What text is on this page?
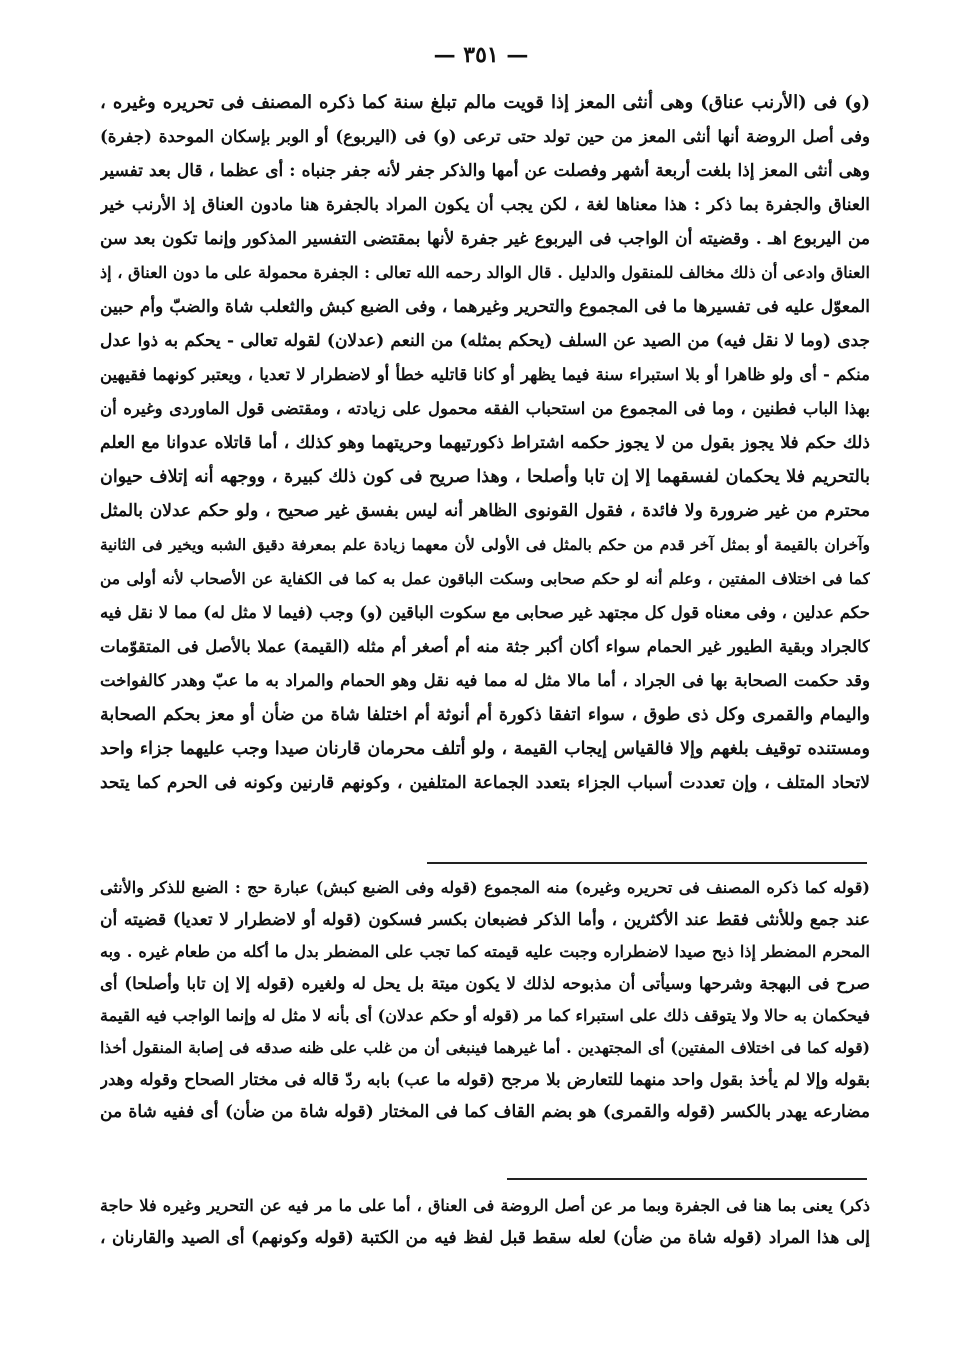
— ٣٥١ —
(و) فى (الأرنب عناق) وهى أنثى المعز إذا قويت مالم تبلغ سنة كما ذكره المصنف فى تحريره وغيره ،
وفى أصل الروضة أنها أنثى المعز من حين تولد حتى ترعى (و) فى (اليربوع) أو الوبر بإسكان الموحدة (جفرة)
وهى أنثى المعز إذا بلغت أربعة أشهر وفصلت عن أمها والذكر جفر لأنه جفر جنباه : أى عظما ، قال بعد تفسير
العناق والجفرة بما ذكر : هذا معناها لغة ، لكن يجب أن يكون المراد بالجفرة هنا مادون العناق إذ الأرنب خير
من اليربوع اهـ . وقضيته أن الواجب فى اليربوع غير جفرة لأنها بمقتضى التفسير المذكور وإنما تكون بعد سن
العناق وادعى أن ذلك مخالف للمنقول والدليل . قال الوالد رحمه الله تعالى : الجفرة محمولة على ما دون العناق ، إذ
المعوّل عليه فى تفسيرها ما فى المجموع والتحرير وغيرهما ، وفى الضبع كبش والثعلب شاة والضبّ وأم حبين
جدى (وما لا نقل فيه) من الصيد عن السلف (يحكم بمثله) من النعم (عدلان) لقوله تعالى - يحكم به ذوا عدل
منكم - أى ولو ظاهرا أو بلا استبراء سنة فيما يظهر أو كانا قاتليه خطأ أو لاضطرار لا تعديا ، ويعتبر كونهما فقيهين
بهذا الباب فطنين ، وما فى المجموع من استحباب الفقه محمول على زيادته ، ومقتضى قول الماوردى وغيره أن
ذلك حكم فلا يجوز بقول من لا يجوز حكمه اشتراط ذكورتيهما وحريتهما وهو كذلك ، أما قاتلاه عدوانا مع العلم
بالتحريم فلا يحكمان لفسقهما إلا إن تابا وأصلحا ، وهذا صريح فى كون ذلك كبيرة ، ووجهه أنه إتلاف حيوان
محترم من غير ضرورة ولا فائدة ، فقول القونوى الظاهر أنه ليس بفسق غير صحيح ، ولو حكم عدلان بالمثل
وآخران بالقيمة أو بمثل آخر قدم من حكم بالمثل فى الأولى لأن معهما زيادة علم بمعرفة دقيق الشبه ويخير فى الثانية
كما فى اختلاف المفتين ، وعلم أنه لو حكم صحابى وسكت الباقون عمل به كما فى الكفاية عن الأصحاب لأنه أولى من
حكم عدلين ، وفى معناه قول كل مجتهد غير صحابى مع سكوت الباقين (و) وجب (فيما لا مثل له) مما لا نقل فيه
كالجراد وبقية الطيور غير الحمام سواء أكان أكبر جثة منه أم أصغر أم مثله (القيمة) عملا بالأصل فى المتقوّمات
وقد حكمت الصحابة بها فى الجراد ، أما مالا مثل له مما فيه نقل وهو الحمام والمراد به ما عبّ وهدر كالفواخت
واليمام والقمرى وكل ذى طوق ، سواء اتفقا ذكورة أم أنوثة أم اختلفا شاة من ضأن أو معز بحكم الصحابة
ومستنده توقيف بلغهم وإلا فالقياس إيجاب القيمة ، ولو أتلف محرمان قارنان صيدا وجب عليهما جزاء واحد
لاتحاد المتلف ، وإن تعددت أسباب الجزاء بتعدد الجماعة المتلفين ، وكونهم قارنين وكونه فى الحرم كما يتحد
(قوله كما ذكره المصنف فى تحريره وغيره) منه المجموع (قوله وفى الضبع كبش) عبارة حج : الضبع للذكر والأنثى
عند جمع وللأنثى فقط عند الأكثرين ، وأما الذكر فضبعان بكسر فسكون (قوله أو لاضطرار لا تعديا) قضيته أن
المحرم المضطر إذا ذبح صيدا لاضطراره وجبت عليه قيمته كما تجب على المضطر بدل ما أكله من طعام غيره . وبه
صرح فى البهجة وشرحها وسيأتى أن مذبوحه لذلك لا يكون ميتة بل يحل له ولغيره (قوله إلا إن تابا وأصلحا) أى
فيحكمان به حالا ولا يتوقف ذلك على استبراء كما مر (قوله أو حكم عدلان) أى بأنه لا مثل له وإنما الواجب فيه القيمة
(قوله كما فى اختلاف المفتين) أى المجتهدين . أما غيرهما فينبغى أن من غلب على ظنه صدقه فى إصابة المنقول أخذا
بقوله وإلا لم يأخذ بقول واحد منهما للتعارض بلا مرجح (قوله ما عب) بابه ردّ قاله فى مختار الصحاح وقوله وهدر
مضارعه يهدر بالكسر (قوله والقمرى) هو بضم القاف كما فى المختار (قوله شاة من ضأن) أى ففيه شاة من
ذكر) يعنى بما هنا فى الجفرة وبما مر عن أصل الروضة فى العناق ، أما على ما مر فيه عن التحرير وغيره فلا حاجة
إلى هذا المراد (قوله شاة من ضأن) لعله سقط قبل لفظ فيه من الكتبة (قوله وكونهم) أى الصيد والقارنان ،
